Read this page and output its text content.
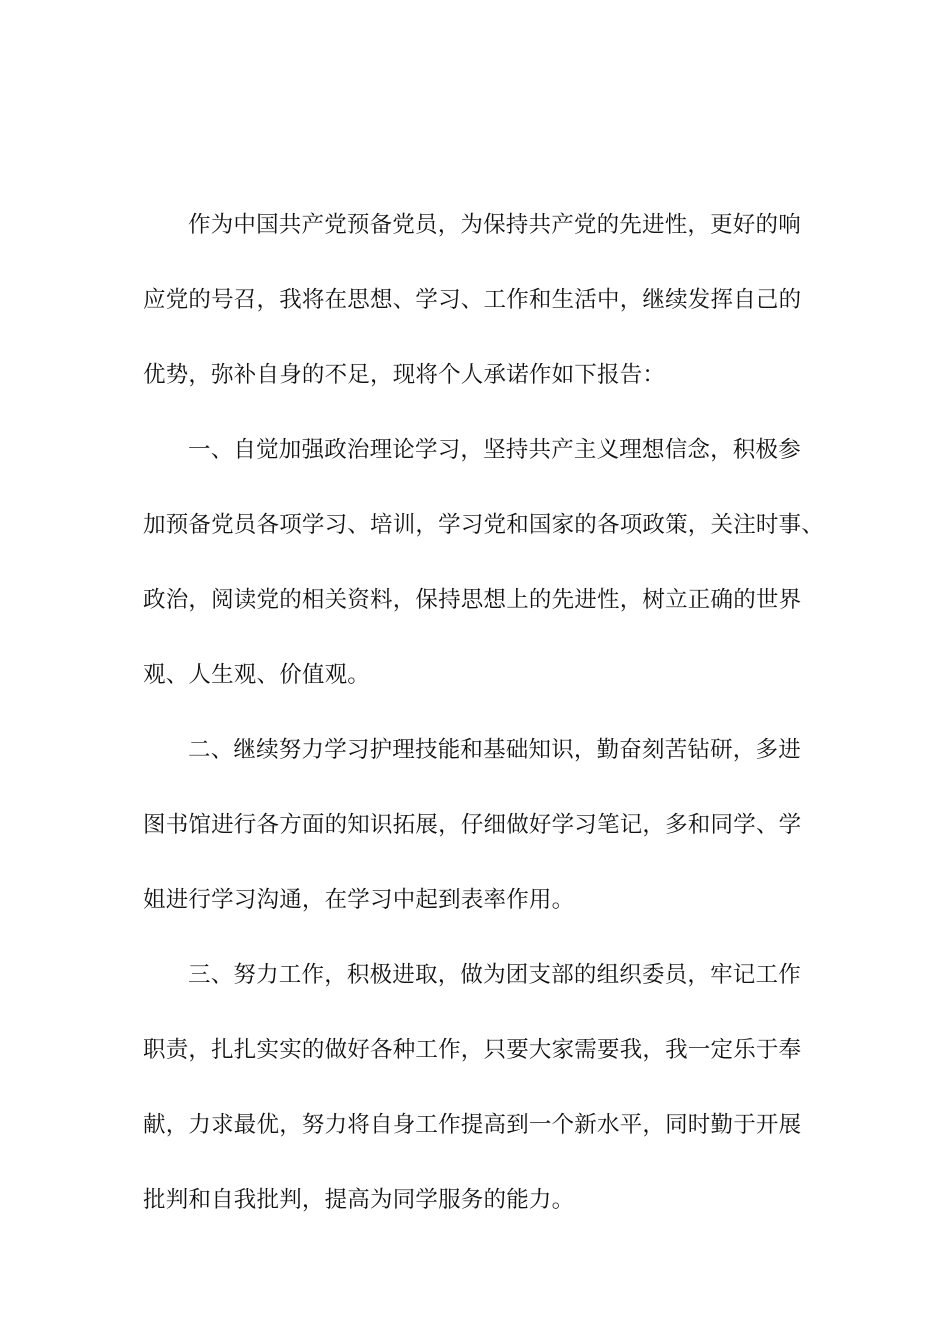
作为中国共产党预备党员，为保持共产党的先进性，更好的响
应党的号召，我将在思想、学习、工作和生活中，继续发挥自己的
优势，弥补自身的不足，现将个人承诺作如下报告：
一、自觉加强政治理论学习，坚持共产主义理想信念，积极参
加预备党员各项学习、培训，学习党和国家的各项政策，关注时事、
政治，阅读党的相关资料，保持思想上的先进性，树立正确的世界
观、人生观、价值观。
二、继续努力学习护理技能和基础知识，勤奋刻苦钻研，多进
图书馆进行各方面的知识拓展，仔细做好学习笔记，多和同学、学
姐进行学习沟通，在学习中起到表率作用。
三、努力工作，积极进取，做为团支部的组织委员，牢记工作
职责，扎扎实实的做好各种工作，只要大家需要我，我一定乐于奉
献，力求最优，努力将自身工作提高到一个新水平，同时勤于开展
批判和自我批判，提高为同学服务的能力。
